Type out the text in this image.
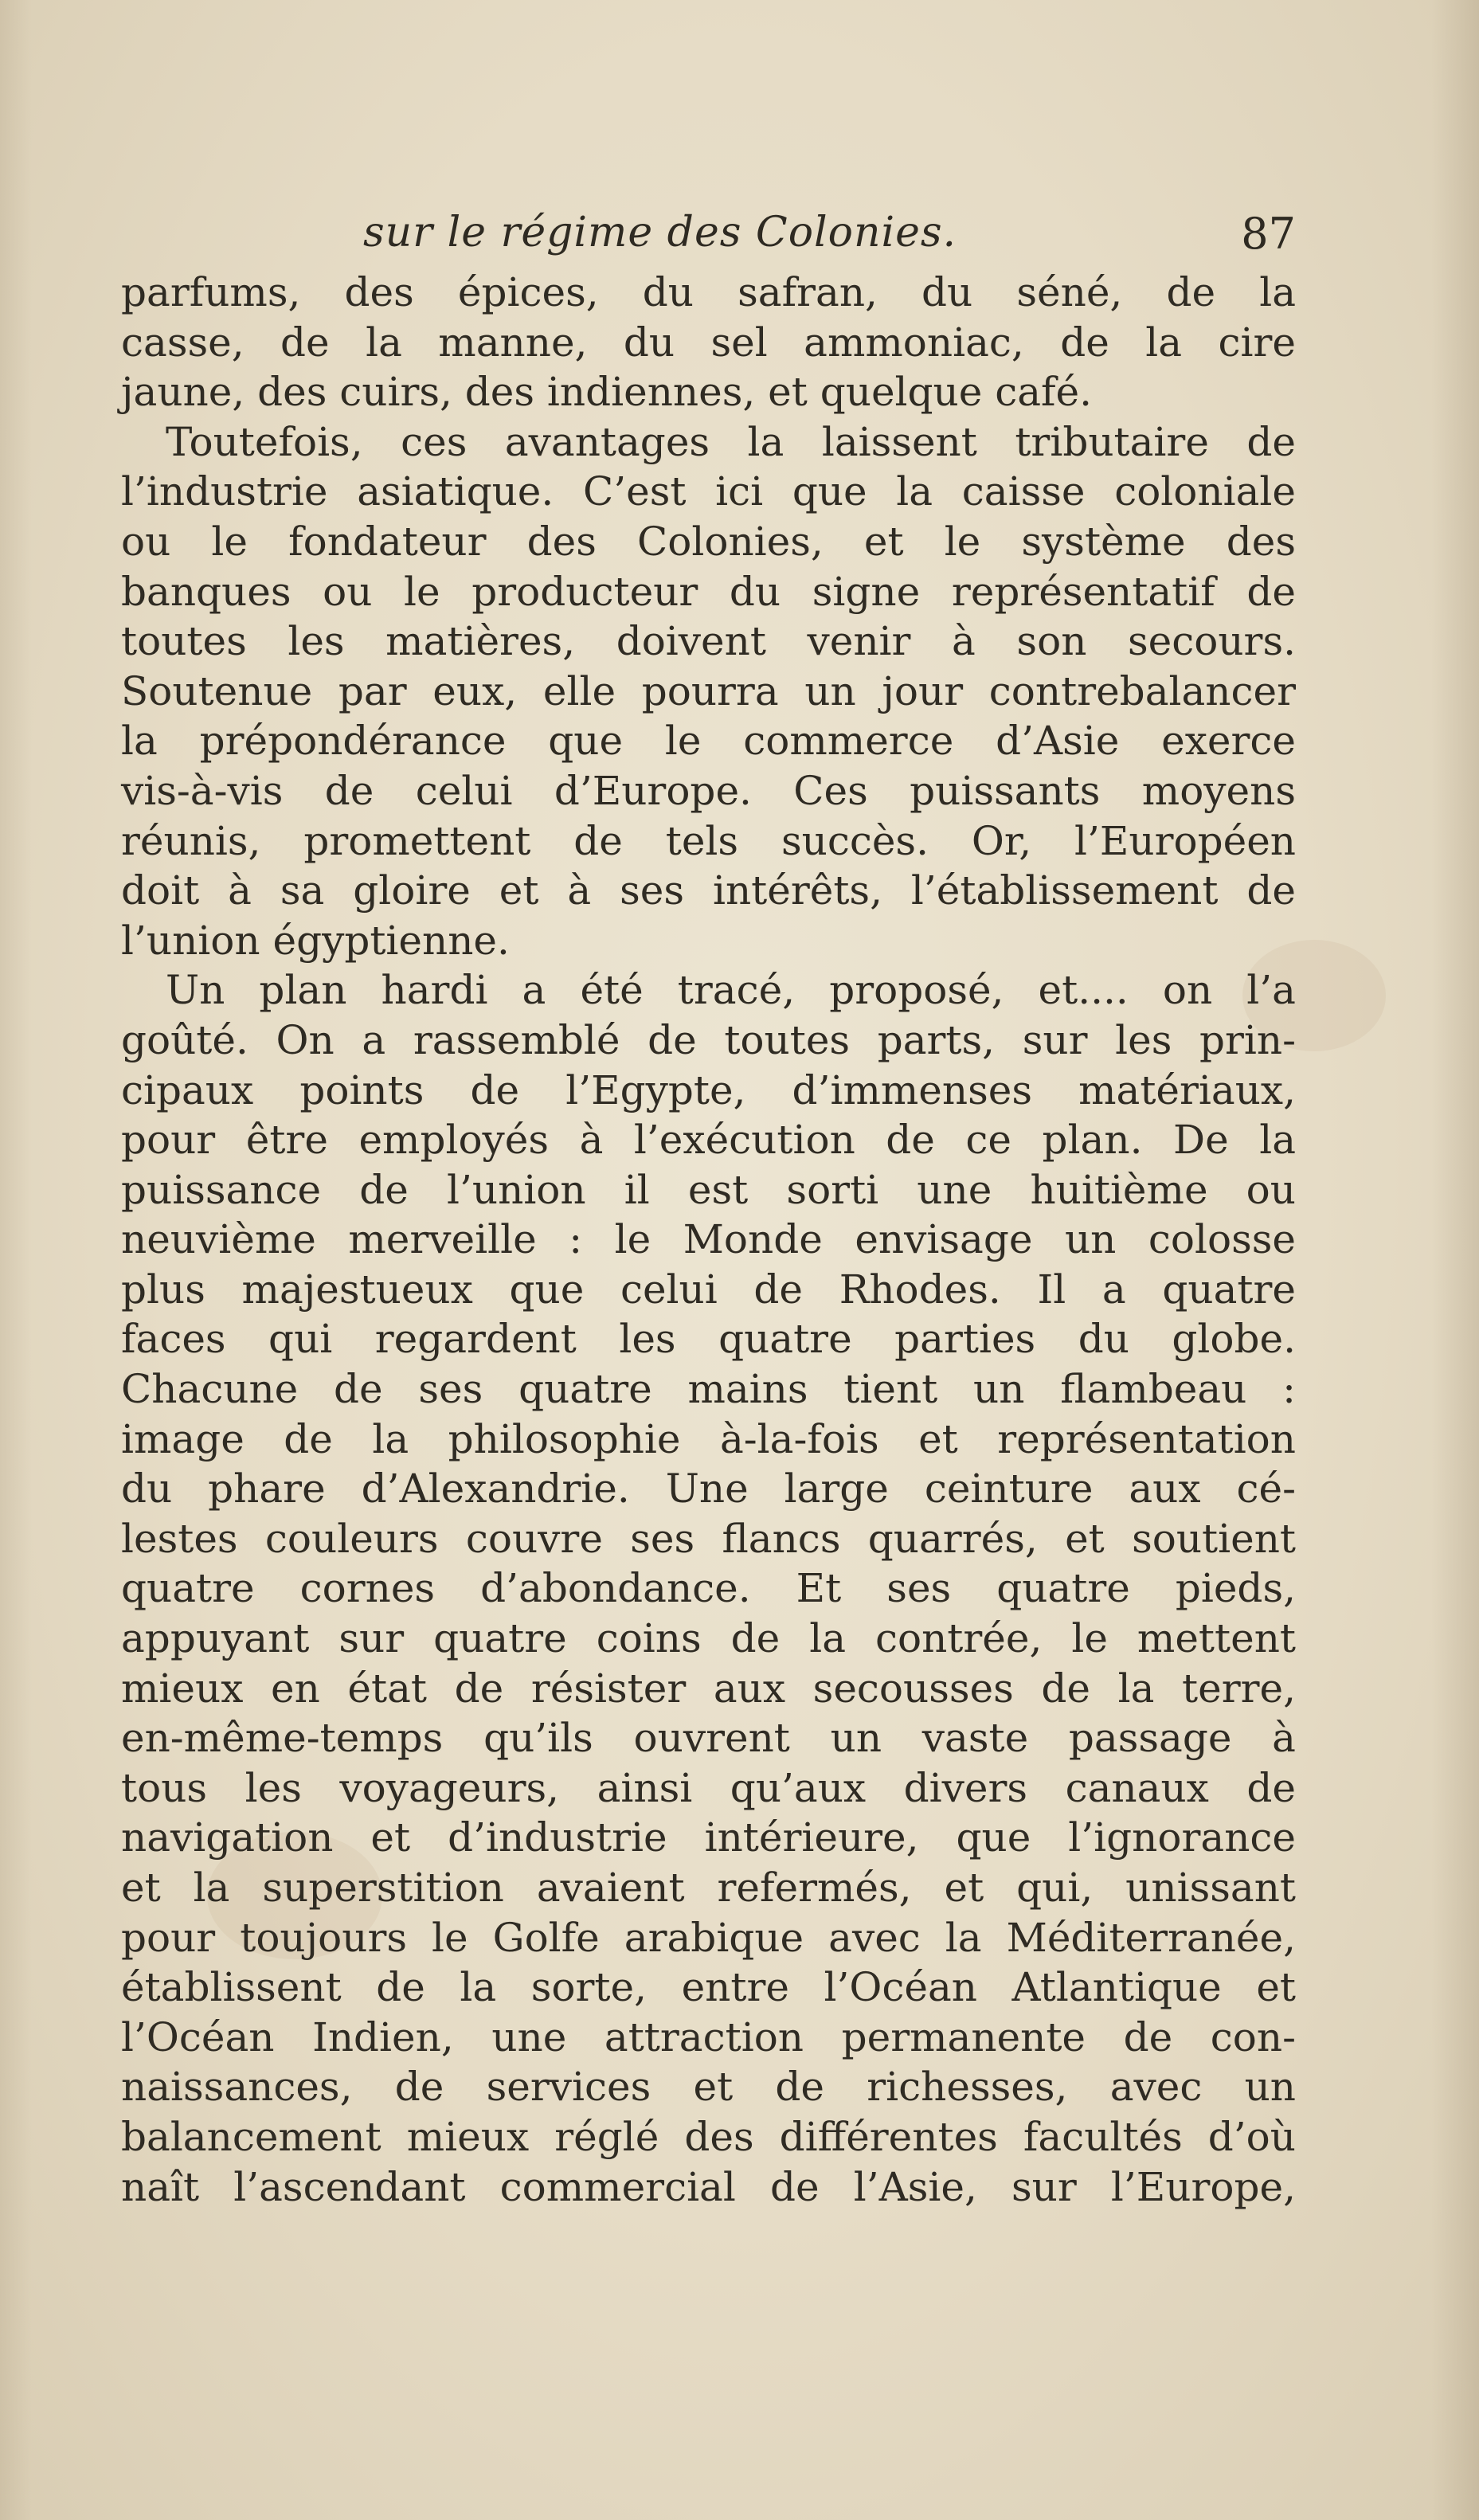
sur le régime des Colonies.	87
parfums, des épices, du safran, du séné, de la
casse, de la manne, du sel ammoniac, de la cire
jaune, des cuirs, des indiennes, et quelque café.
Toutefois, ces avantages la laissent tributaire de
l’industrie asiatique. C’est ici que la caisse coloniale
ou le fondateur des Colonies, et le système des
banques ou le producteur du signe représentatif de
toutes les matières, doivent venir à son secours.
Soutenue par eux, elle pourra un jour contrebalancer
la prépondérance que le commerce d’Asie exerce
vis-à-vis de celui d’Europe. Ces puissants moyens
réunis, promettent de tels succès. Or, l’Européen
doit à sa gloire et à ses intérêts, l’établissement de
l’union égyptienne.
Un plan hardi a été tracé, proposé, et.... on l’a
goûté. On a rassemblé de toutes parts, sur les prin-
cipaux points de l’Egypte, d’immenses matériaux,
pour être employés à l’exécution de ce plan. De la
puissance de l’union il est sorti une huitième ou
neuvième merveille : le Monde envisage un colosse
plus majestueux que celui de Rhodes. Il a quatre
faces qui regardent les quatre parties du globe.
Chacune de ses quatre mains tient un flambeau :
image de la philosophie à-la-fois et représentation
du phare d’Alexandrie. Une large ceinture aux cé-
lestes couleurs couvre ses flancs quarrés, et soutient
quatre cornes d’abondance. Et ses quatre pieds,
appuyant sur quatre coins de la contrée, le mettent
mieux en état de résister aux secousses de la terre,
en-même-temps qu’ils ouvrent un vaste passage à
tous les voyageurs, ainsi qu’aux divers canaux de
navigation et d’industrie intérieure, que l’ignorance
et la superstition avaient refermés, et qui, unissant
pour toujours le Golfe arabique avec la Méditerranée,
établissent de la sorte, entre l’Océan Atlantique et
l’Océan Indien, une attraction permanente de con-
naissances, de services et de richesses, avec un
balancement mieux réglé des différentes facultés d’où
naît l’ascendant commercial de l’Asie, sur l’Europe,
